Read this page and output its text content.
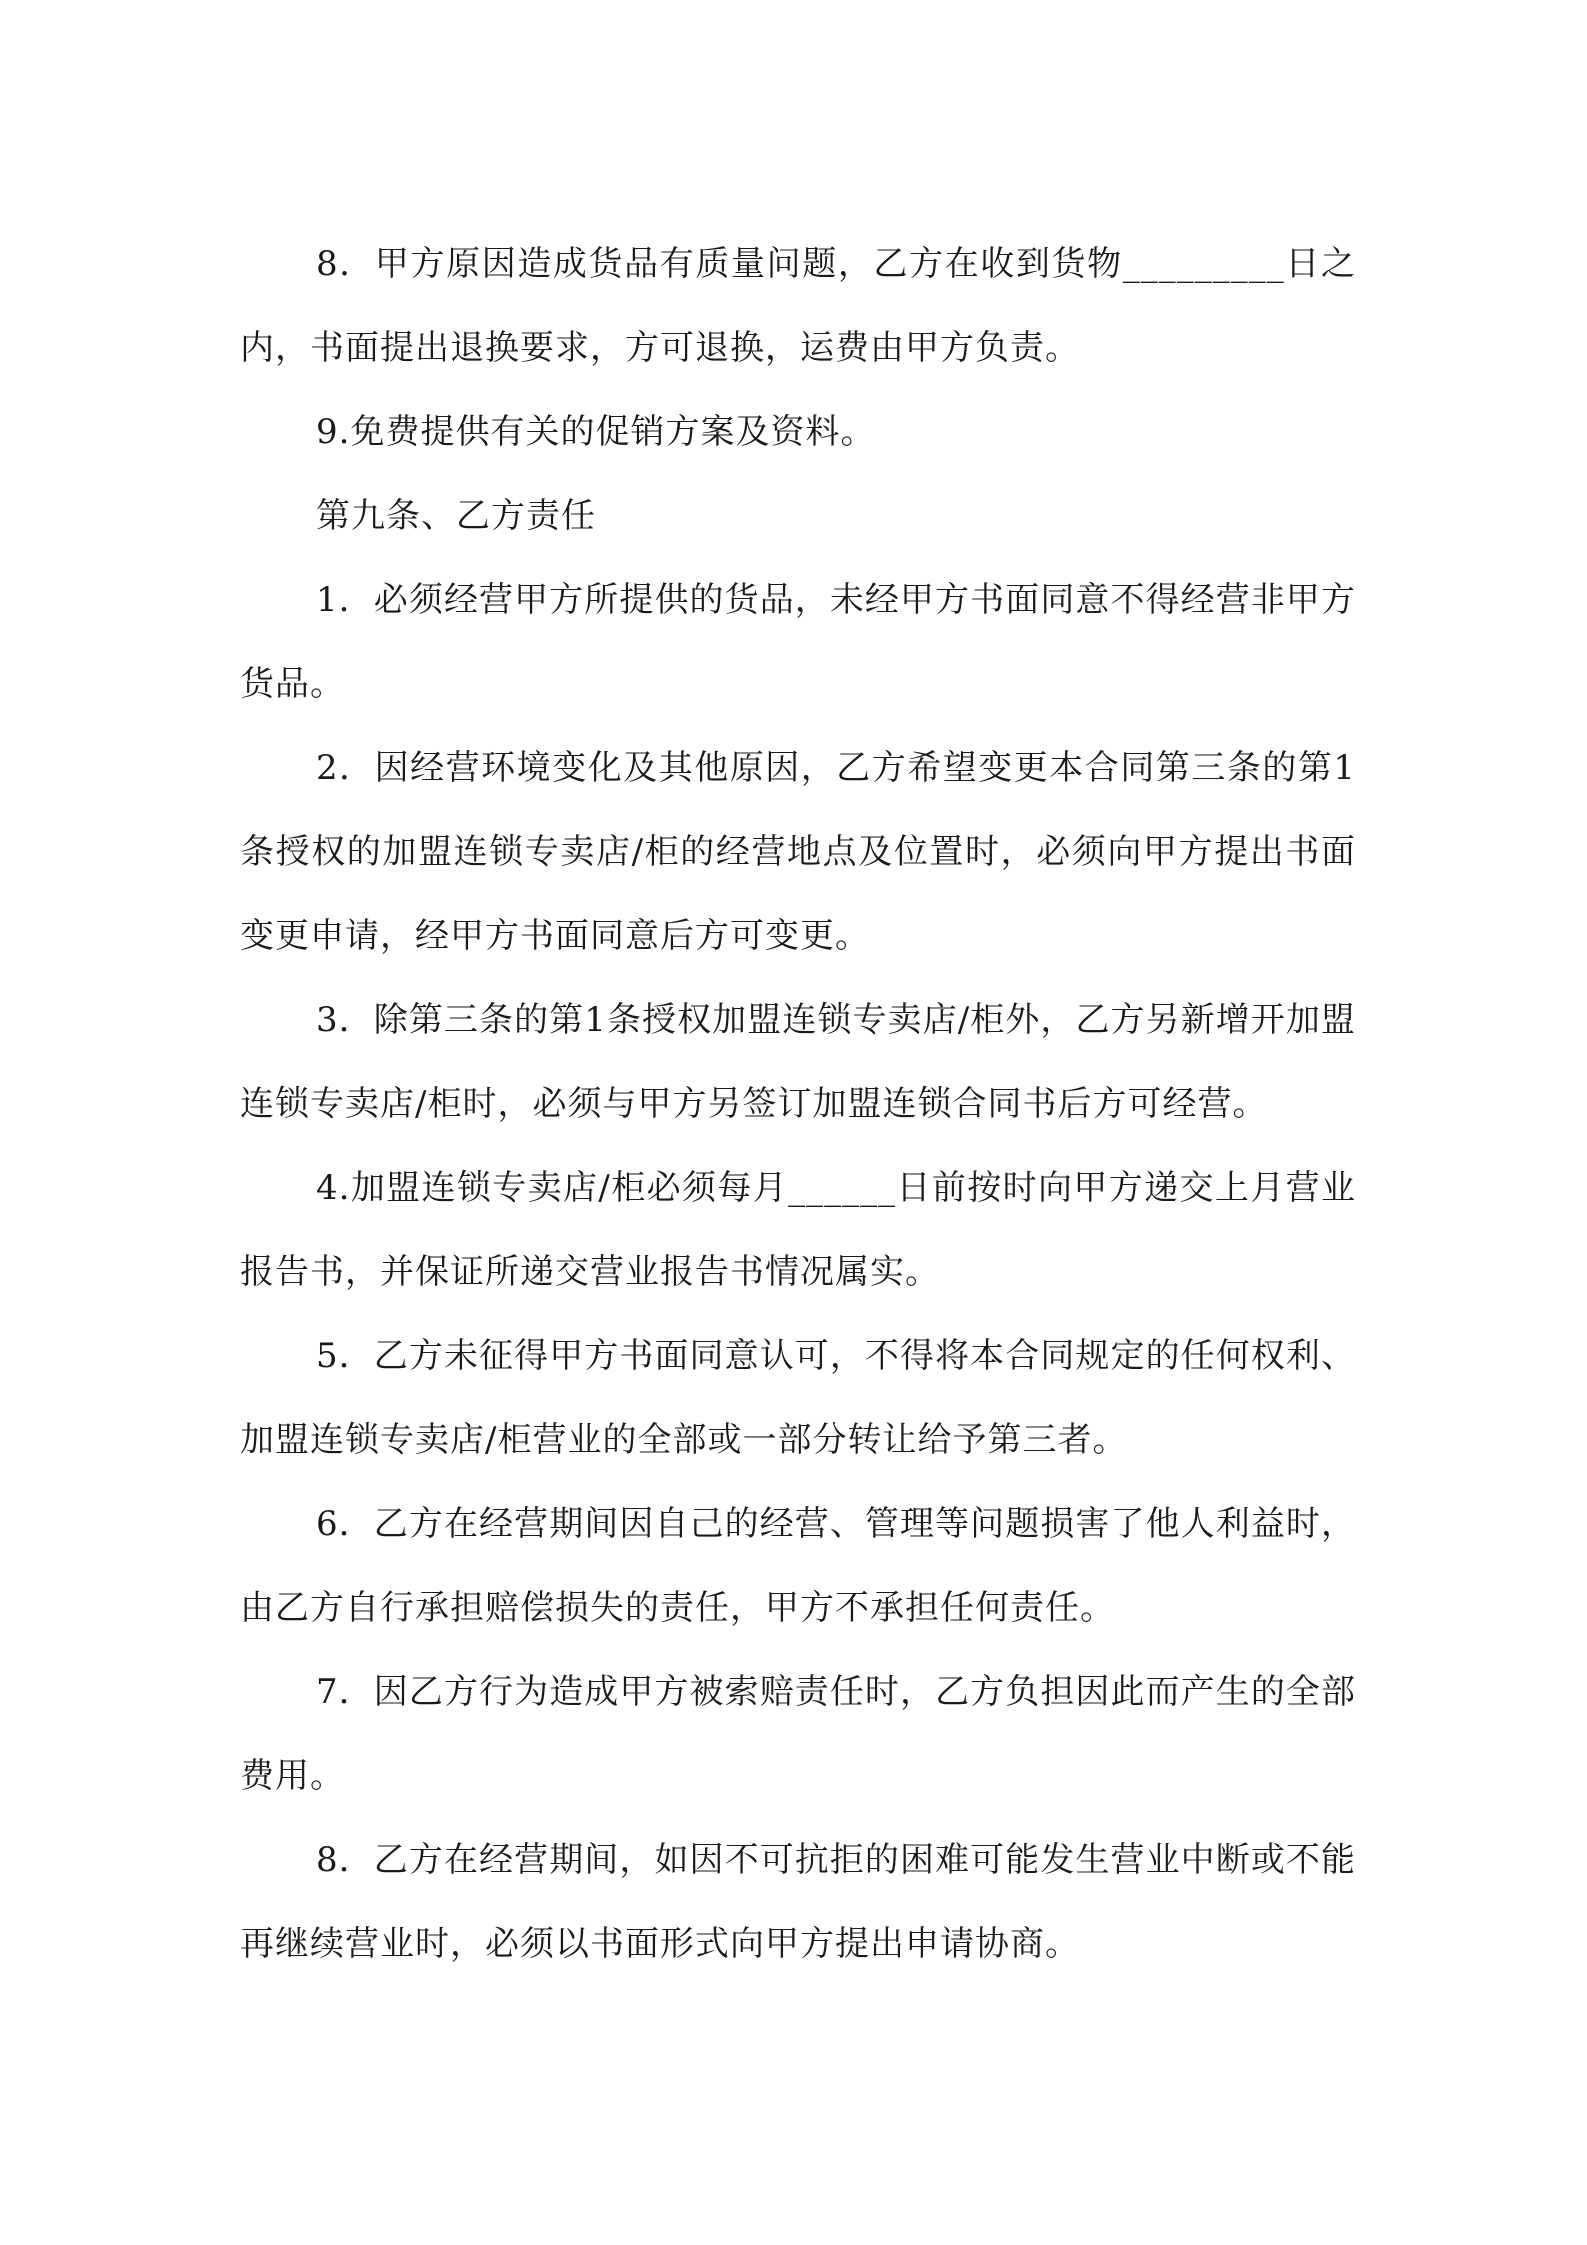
8．甲方原因造成货品有质量问题，乙方在收到货物_________日之内，书面提出退换要求，方可退换，运费由甲方负责。

9.免费提供有关的促销方案及资料。

第九条、乙方责任

1．必须经营甲方所提供的货品，未经甲方书面同意不得经营非甲方货品。

2．因经营环境变化及其他原因，乙方希望变更本合同第三条的第1条授权的加盟连锁专卖店/柜的经营地点及位置时，必须向甲方提出书面变更申请，经甲方书面同意后方可变更。

3．除第三条的第1条授权加盟连锁专卖店/柜外，乙方另新增开加盟连锁专卖店/柜时，必须与甲方另签订加盟连锁合同书后方可经营。

4.加盟连锁专卖店/柜必须每月______日前按时向甲方递交上月营业报告书，并保证所递交营业报告书情况属实。

5．乙方未征得甲方书面同意认可，不得将本合同规定的任何权利、加盟连锁专卖店/柜营业的全部或一部分转让给予第三者。

6．乙方在经营期间因自己的经营、管理等问题损害了他人利益时，由乙方自行承担赔偿损失的责任，甲方不承担任何责任。

7．因乙方行为造成甲方被索赔责任时，乙方负担因此而产生的全部费用。

8．乙方在经营期间，如因不可抗拒的困难可能发生营业中断或不能再继续营业时，必须以书面形式向甲方提出申请协商。
